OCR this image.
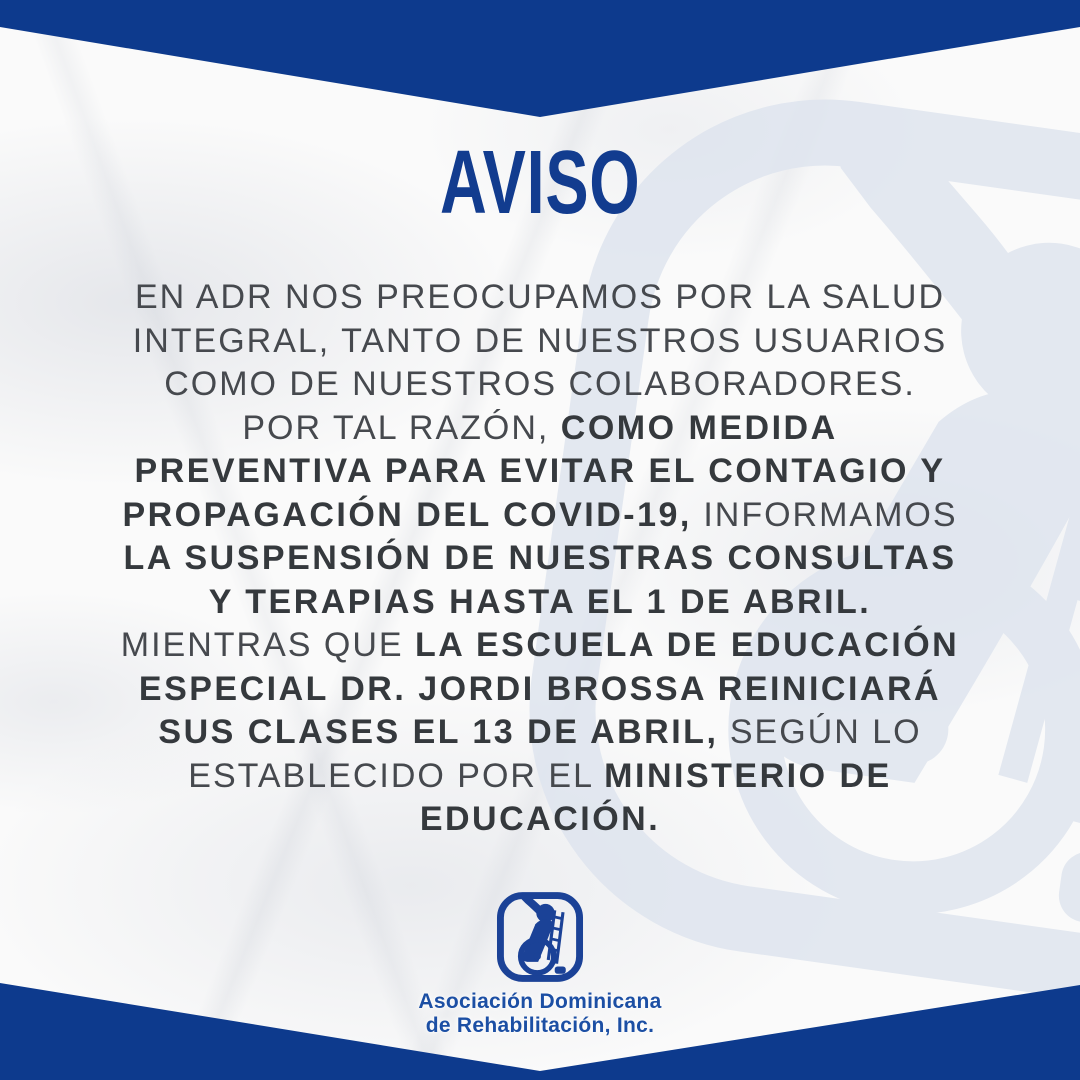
AVISO
EN ADR NOS PREOCUPAMOS POR LA SALUD
INTEGRAL, TANTO DE NUESTROS USUARIOS
COMO DE NUESTROS COLABORADORES.
POR TAL RAZÓN, COMO MEDIDA
PREVENTIVA PARA EVITAR EL CONTAGIO Y
PROPAGACIÓN DEL COVID-19, INFORMAMOS
LA SUSPENSIÓN DE NUESTRAS CONSULTAS
Y TERAPIAS HASTA EL 1 DE ABRIL.
MIENTRAS QUE LA ESCUELA DE EDUCACIÓN
ESPECIAL DR. JORDI BROSSA REINICIARÁ
SUS CLASES EL 13 DE ABRIL, SEGÚN LO
ESTABLECIDO POR EL MINISTERIO DE
EDUCACIÓN.
Asociación Dominicana
de Rehabilitación, Inc.
